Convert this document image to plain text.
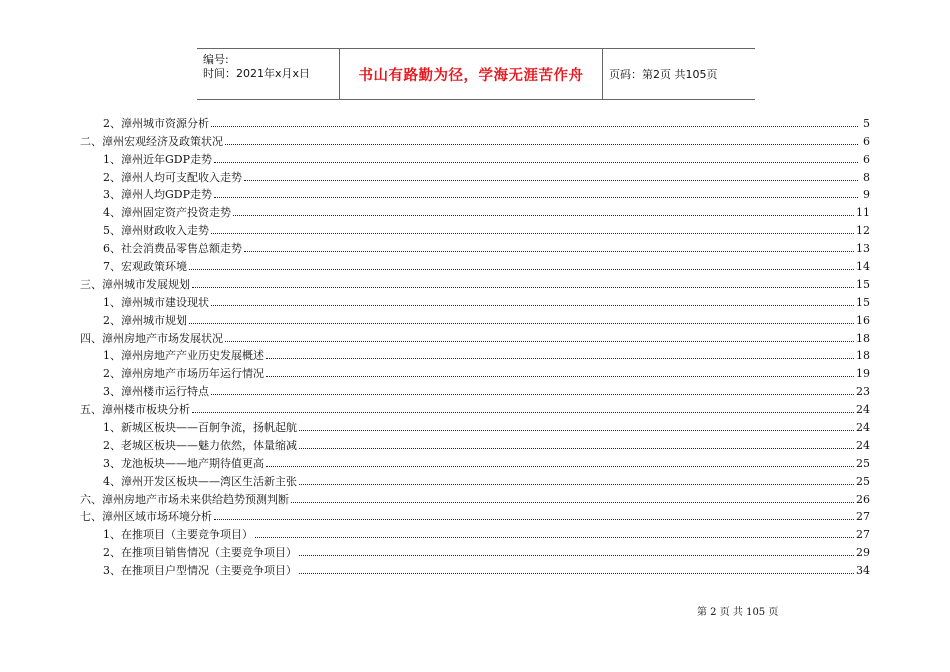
编号:
时间：2021年x月x日	书山有路勤为径，学海无涯苦作舟 页码：第2页 共105页
2、漳州城市资源分析	5
二、漳州宏观经济及政策状况	6
1、漳州近年GDP走势	6
2、漳州人均可支配收入走势	8
3、漳州人均GDP走势	9
4、漳州固定资产投资走势	11
5、漳州财政收入走势	12
6、社会消费品零售总额走势	13
7、宏观政策环境	14
三、漳州城市发展规划	15
1、漳州城市建设现状	15
2、漳州城市规划	16
四、漳州房地产市场发展状况	18
1、漳州房地产产业历史发展概述	18
2、漳州房地产市场历年运行情况	19
3、漳州楼市运行特点	23
五、漳州楼市板块分析	24
1、新城区板块——百舸争流，扬帆起航	24
2、老城区板块——魅力依然，体量缩减	24
3、龙池板块——地产期待值更高	25
4、漳州开发区板块——湾区生活新主张	25
六、漳州房地产市场未来供给趋势预测判断	26
七、漳州区域市场环境分析	27
1、在推项目（主要竞争项目）	27
2、在推项目销售情况（主要竞争项目）	29
3、在推项目户型情况（主要竞争项目）	34
第 2 页 共 105 页
